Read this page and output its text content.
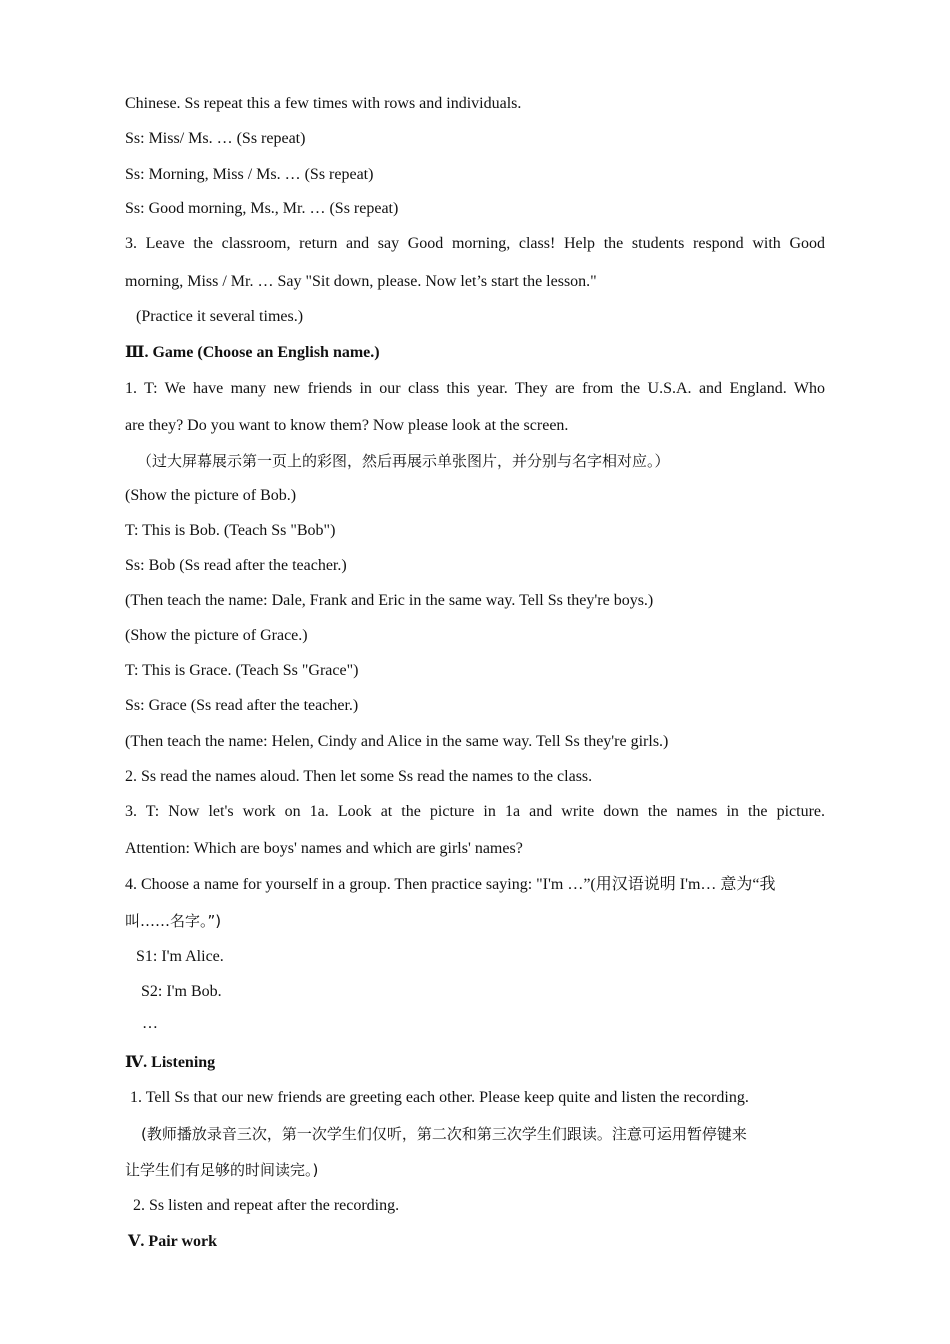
Chinese. Ss repeat this a few times with rows and individuals.
Ss: Miss/ Ms. … (Ss repeat)
Ss: Morning, Miss / Ms. … (Ss repeat)
Ss: Good morning, Ms., Mr. … (Ss repeat)
3. Leave the classroom, return and say Good morning, class! Help the students respond with Good
morning, Miss / Mr. … Say "Sit down, please. Now let’s start the lesson."
(Practice it several times.)
Ⅲ. Game (Choose an English name.)
1. T: We have many new friends in our class this year. They are from the U.S.A. and England. Who
are they? Do you want to know them? Now please look at the screen.
（过大屏幕展示第一页上的彩图，然后再展示单张图片，并分别与名字相对应。）
(Show the picture of Bob.)
T: This is Bob. (Teach Ss "Bob")
Ss: Bob (Ss read after the teacher.)
(Then teach the name: Dale, Frank and Eric in the same way. Tell Ss they're boys.)
(Show the picture of Grace.)
T: This is Grace. (Teach Ss "Grace")
Ss: Grace (Ss read after the teacher.)
(Then teach the name: Helen, Cindy and Alice in the same way. Tell Ss they're girls.)
2. Ss read the names aloud. Then let some Ss read the names to the class.
3. T: Now let's work on 1a. Look at the picture in 1a and write down the names in the picture.
Attention: Which are boys' names and which are girls' names?
4. Choose a name for yourself in a group. Then practice saying: "I'm …”(用汉语说明 I'm… 意为“我
叫……名字。”)
S1: I'm Alice.
S2: I'm Bob.
…
Ⅳ. Listening
1. Tell Ss that our new friends are greeting each other. Please keep quite and listen the recording.
(教师播放录音三次，第一次学生们仅听，第二次和第三次学生们跟读。注意可运用暂停键来
让学生们有足够的时间读完。)
2. Ss listen and repeat after the recording.
Ⅴ. Pair work
